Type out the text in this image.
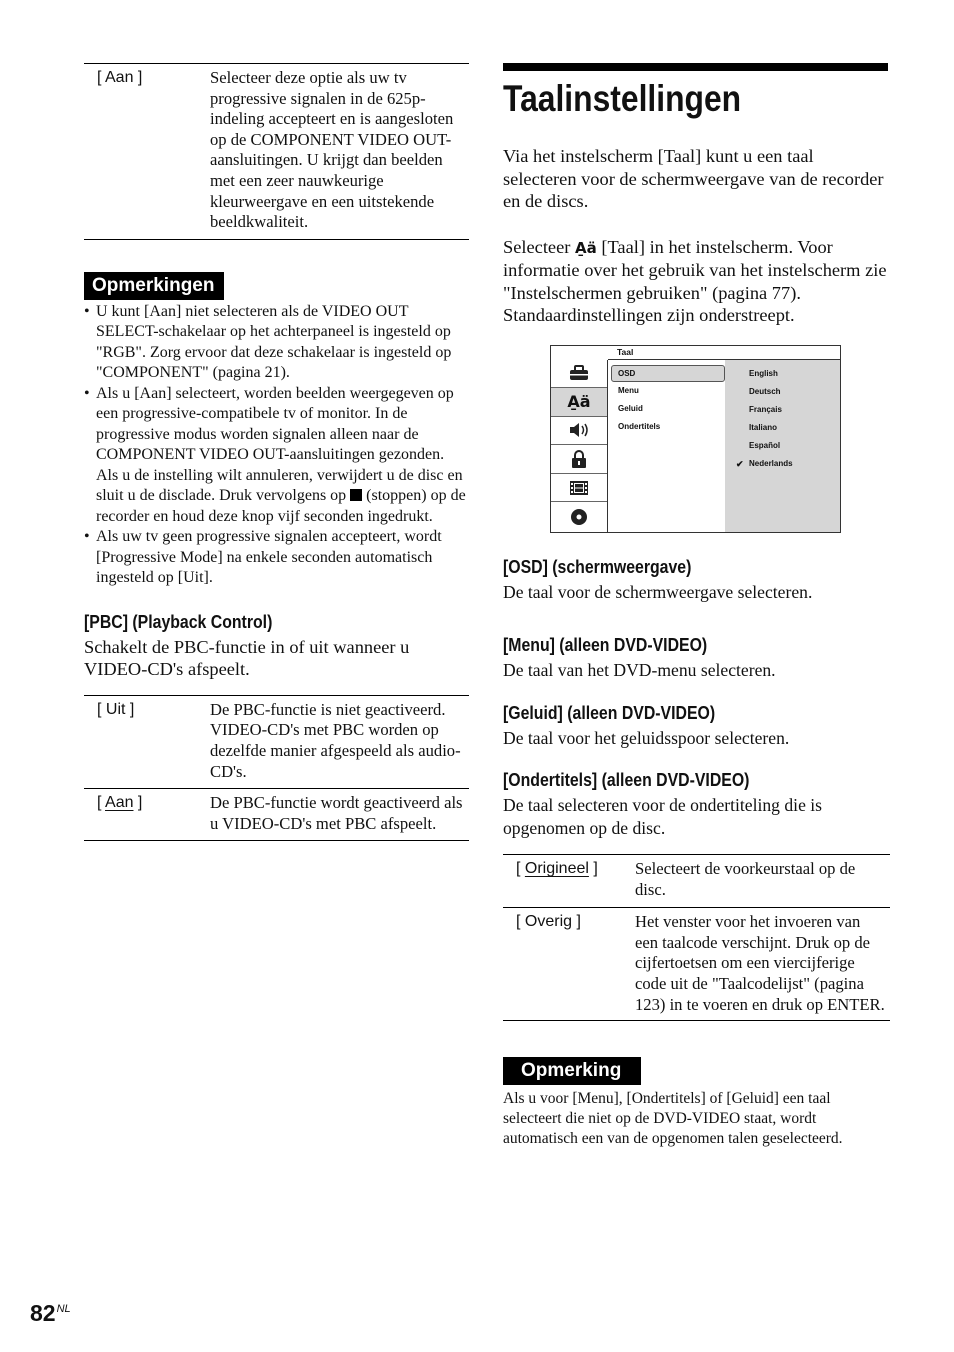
[ Aan ]	Selecteer deze optie als uw tv progressive signalen in de 625p-indeling accepteert en is aangesloten op de COMPONENT VIDEO OUT-aansluitingen. U krijgt dan beelden met een zeer nauwkeurige kleurweergave en een uitstekende beeldkwaliteit.
Opmerkingen
• U kunt [Aan] niet selecteren als de VIDEO OUT SELECT-schakelaar op het achterpaneel is ingesteld op "RGB". Zorg ervoor dat deze schakelaar is ingesteld op "COMPONENT" (pagina 21).
• Als u [Aan] selecteert, worden beelden weergegeven op een progressive-compatibele tv of monitor. In de progressive modus worden signalen alleen naar de COMPONENT VIDEO OUT-aansluitingen gezonden. Als u de instelling wilt annuleren, verwijdert u de disc en sluit u de disclade. Druk vervolgens op (stoppen) op de recorder en houd deze knop vijf seconden ingedrukt.
• Als uw tv geen progressive signalen accepteert, wordt [Progressive Mode] na enkele seconden automatisch ingesteld op [Uit].
[PBC] (Playback Control)
Schakelt de PBC-functie in of uit wanneer u VIDEO-CD's afspeelt.
[ Uit ]	De PBC-functie is niet geactiveerd. VIDEO-CD's met PBC worden op dezelfde manier afgespeeld als audio-CD's.
[ Aan ]	De PBC-functie wordt geactiveerd als u VIDEO-CD's met PBC afspeelt.
Taalinstellingen
Via het instelscherm [Taal] kunt u een taal selecteren voor de schermweergave van de recorder en de discs.
Selecteer A̱ä [Taal] in het instelscherm. Voor informatie over het gebruik van het instelscherm zie "Instelschermen gebruiken" (pagina 77). Standaardinstellingen zijn onderstreept.
Taal
A̱ä
OSD
Menu
Geluid
Ondertitels
English
Deutsch
Français
Italiano
Español
✔ Nederlands
[OSD] (schermweergave)
De taal voor de schermweergave selecteren.
[Menu] (alleen DVD-VIDEO)
De taal van het DVD-menu selecteren.
[Geluid] (alleen DVD-VIDEO)
De taal voor het geluidsspoor selecteren.
[Ondertitels] (alleen DVD-VIDEO)
De taal selecteren voor de ondertiteling die is opgenomen op de disc.
[ Origineel ]	Selecteert de voorkeurstaal op de disc.
[ Overig ]	Het venster voor het invoeren van een taalcode verschijnt. Druk op de cijfertoetsen om een viercijferige code uit de "Taalcodelijst" (pagina 123) in te voeren en druk op ENTER.
Opmerking
Als u voor [Menu], [Ondertitels] of [Geluid] een taal selecteert die niet op de DVD-VIDEO staat, wordt automatisch een van de opgenomen talen geselecteerd.
$82^{NL}$
